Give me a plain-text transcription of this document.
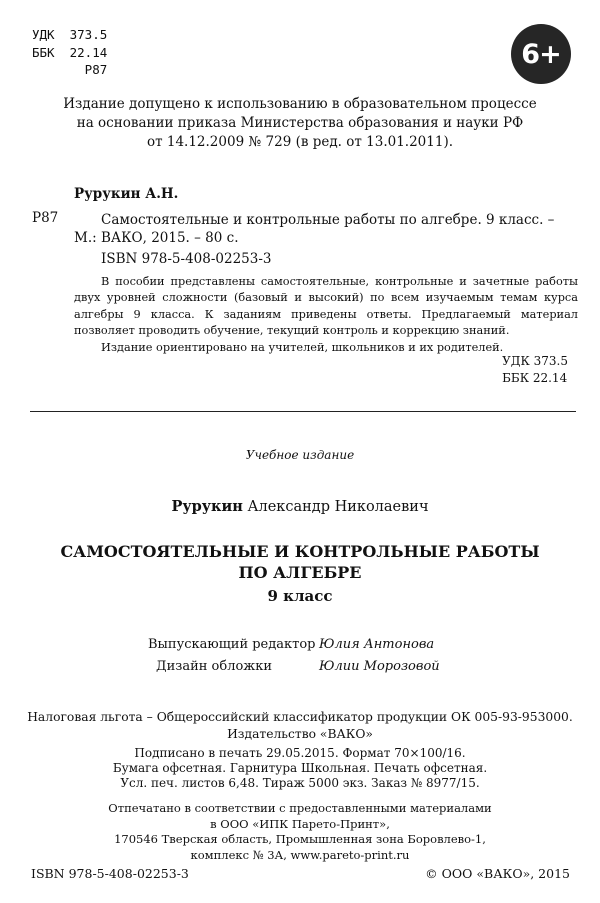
УДК  373.5
ББК  22.14
Р87	6+
Издание допущено к использованию в образовательном процессе
на основании приказа Министерства образования и науки РФ
от 14.12.2009 № 729 (в ред. от 13.01.2011).
Рурукин А.Н.
Р87	Самостоятельные и контрольные работы по алгебре. 9 класс. –
М.: ВАКО, 2015. – 80 с.
ISBN 978-5-408-02253-3

В пособии представлены самостоятельные, контрольные и зачетные работы двух уровней сложности (базовый и высокий) по всем изучаемым темам курса алгебры 9 класса. К заданиям приведены ответы. Предлагаемый материал позволяет проводить обучение, текущий контроль и коррекцию знаний.

Издание ориентировано на учителей, школьников и их родителей.

УДК 373.5
ББК 22.14
Учебное издание
Рурукин Александр Николаевич
САМОСТОЯТЕЛЬНЫЕ И КОНТРОЛЬНЫЕ РАБОТЫ
ПО АЛГЕБРЕ
9 класс
Выпускающий редактор Юлия Антонова
Дизайн обложки	Юлии Морозовой
Налоговая льгота – Общероссийский классификатор продукции ОК 005-93-953000.
Издательство «ВАКО»
Подписано в печать 29.05.2015. Формат 70×100/16.
Бумага офсетная. Гарнитура Школьная. Печать офсетная.
Усл. печ. листов 6,48. Тираж 5000 экз. Заказ № 8977/15.
Отпечатано в соответствии с предоставленными материалами
в ООО «ИПК Парето-Принт»,
170546 Тверская область, Промышленная зона Боровлево-1,
комплекс № 3А, www.pareto-print.ru
ISBN 978-5-408-02253-3	© ООО «ВАКО», 2015
